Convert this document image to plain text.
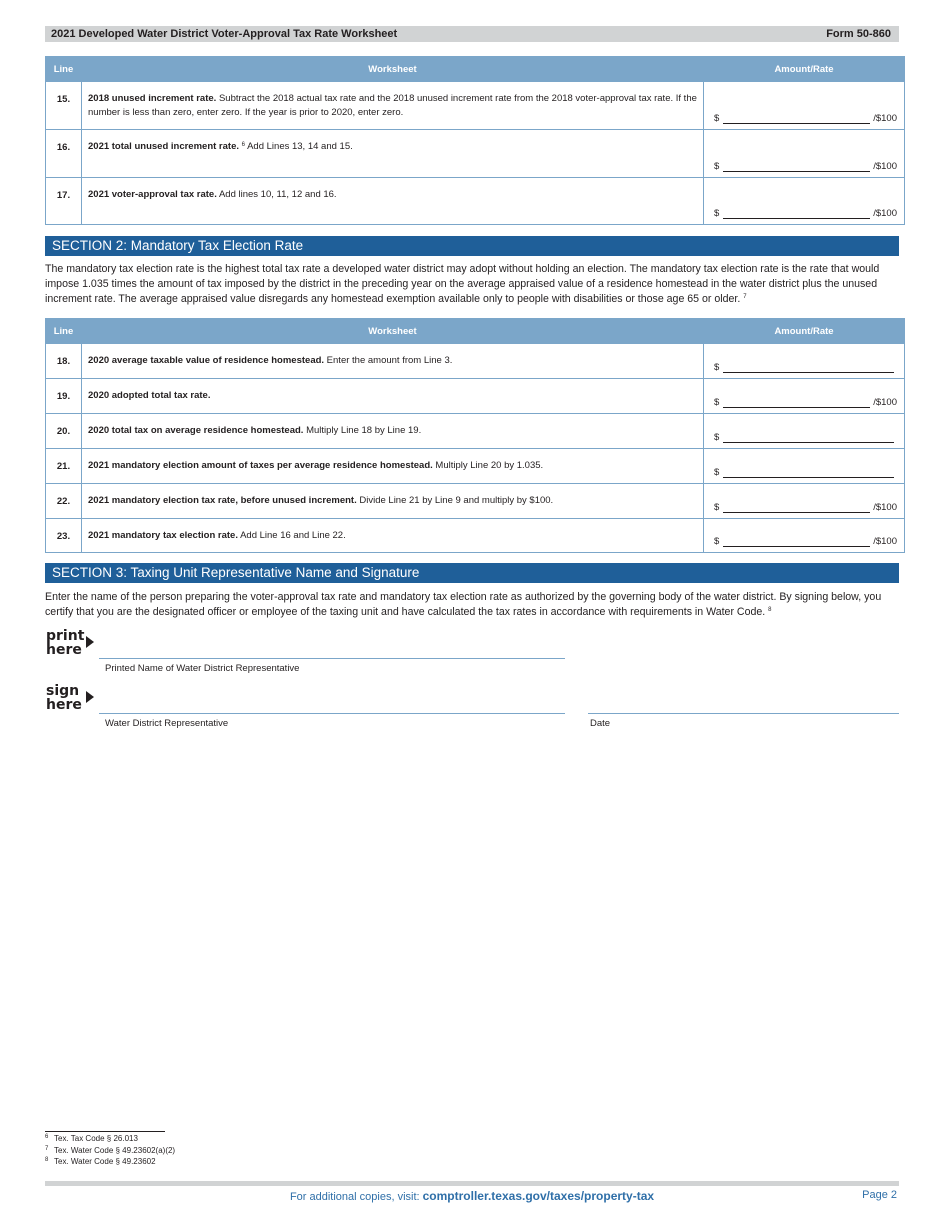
2021 Developed Water District Voter-Approval Tax Rate Worksheet	Form 50-860
Line	Worksheet	Amount/Rate
15.	2018 unused increment rate. Subtract the 2018 actual tax rate and the 2018 unused increment rate from the 2018 voter-approval tax rate. If the number is less than zero, enter zero. If the year is prior to 2020, enter zero.	$ /$100

16.	2021 total unused increment rate. $^6$ Add Lines 13, 14 and 15.	$ /$100

17.	2021 voter-approval tax rate. Add lines 10, 11, 12 and 16.	$ /$100
SECTION 2: Mandatory Tax Election Rate
The mandatory tax election rate is the highest total tax rate a developed water district may adopt without holding an election. The mandatory tax election rate is the rate that would impose 1.035 times the amount of tax imposed by the district in the preceding year on the average appraised value of a residence homestead in the water district plus the unused increment rate. The average appraised value disregards any homestead exemption available only to people with disabilities or those age 65 or older. $^7$
Line	Worksheet	Amount/Rate
18.	2020 average taxable value of residence homestead. Enter the amount from Line 3.	$

19.	2020 adopted total tax rate.	$ /$100

20.	2020 total tax on average residence homestead. Multiply Line 18 by Line 19.	$

21.	2021 mandatory election amount of taxes per average residence homestead. Multiply Line 20 by 1.035.	$

22.	2021 mandatory election tax rate, before unused increment. Divide Line 21 by Line 9 and multiply by $100.	$ /$100

23.	2021 mandatory tax election rate. Add Line 16 and Line 22.	$ /$100
SECTION 3: Taxing Unit Representative Name and Signature
Enter the name of the person preparing the voter-approval tax rate and mandatory tax election rate as authorized by the governing body of the water district. By signing below, you certify that you are the designated officer or employee of the taxing unit and have calculated the tax rates in accordance with requirements in Water Code. $^8$
print
here
Printed Name of Water District Representative
sign
here
Water District Representative	Date
6 Tex. Tax Code § 26.013
7 Tex. Water Code § 49.23602(a)(2)
8 Tex. Water Code § 49.23602
For additional copies, visit: comptroller.texas.gov/taxes/property-tax	Page 2
